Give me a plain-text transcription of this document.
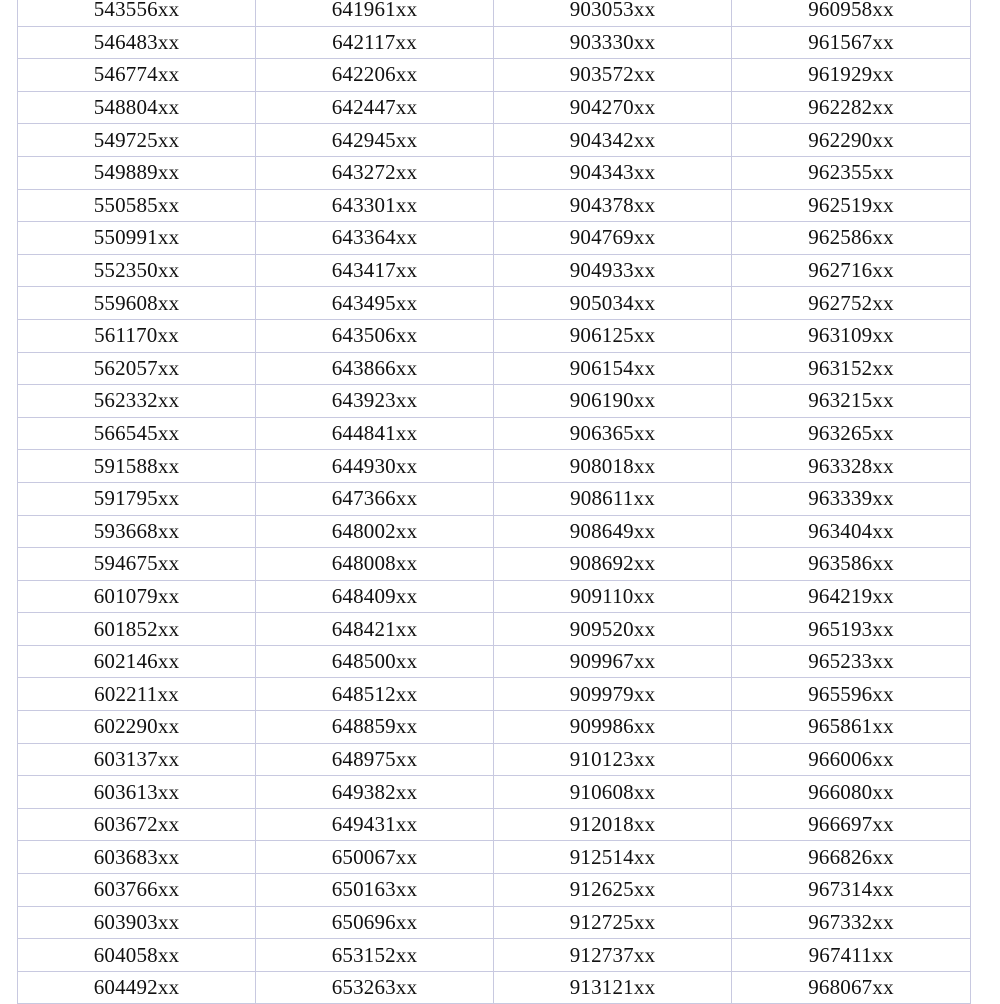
543556xx	641961xx	903053xx	960958xx
546483xx	642117xx	903330xx	961567xx
546774xx	642206xx	903572xx	961929xx
548804xx	642447xx	904270xx	962282xx
549725xx	642945xx	904342xx	962290xx
549889xx	643272xx	904343xx	962355xx
550585xx	643301xx	904378xx	962519xx
550991xx	643364xx	904769xx	962586xx
552350xx	643417xx	904933xx	962716xx
559608xx	643495xx	905034xx	962752xx
561170xx	643506xx	906125xx	963109xx
562057xx	643866xx	906154xx	963152xx
562332xx	643923xx	906190xx	963215xx
566545xx	644841xx	906365xx	963265xx
591588xx	644930xx	908018xx	963328xx
591795xx	647366xx	908611xx	963339xx
593668xx	648002xx	908649xx	963404xx
594675xx	648008xx	908692xx	963586xx
601079xx	648409xx	909110xx	964219xx
601852xx	648421xx	909520xx	965193xx
602146xx	648500xx	909967xx	965233xx
602211xx	648512xx	909979xx	965596xx
602290xx	648859xx	909986xx	965861xx
603137xx	648975xx	910123xx	966006xx
603613xx	649382xx	910608xx	966080xx
603672xx	649431xx	912018xx	966697xx
603683xx	650067xx	912514xx	966826xx
603766xx	650163xx	912625xx	967314xx
603903xx	650696xx	912725xx	967332xx
604058xx	653152xx	912737xx	967411xx
604492xx	653263xx	913121xx	968067xx
